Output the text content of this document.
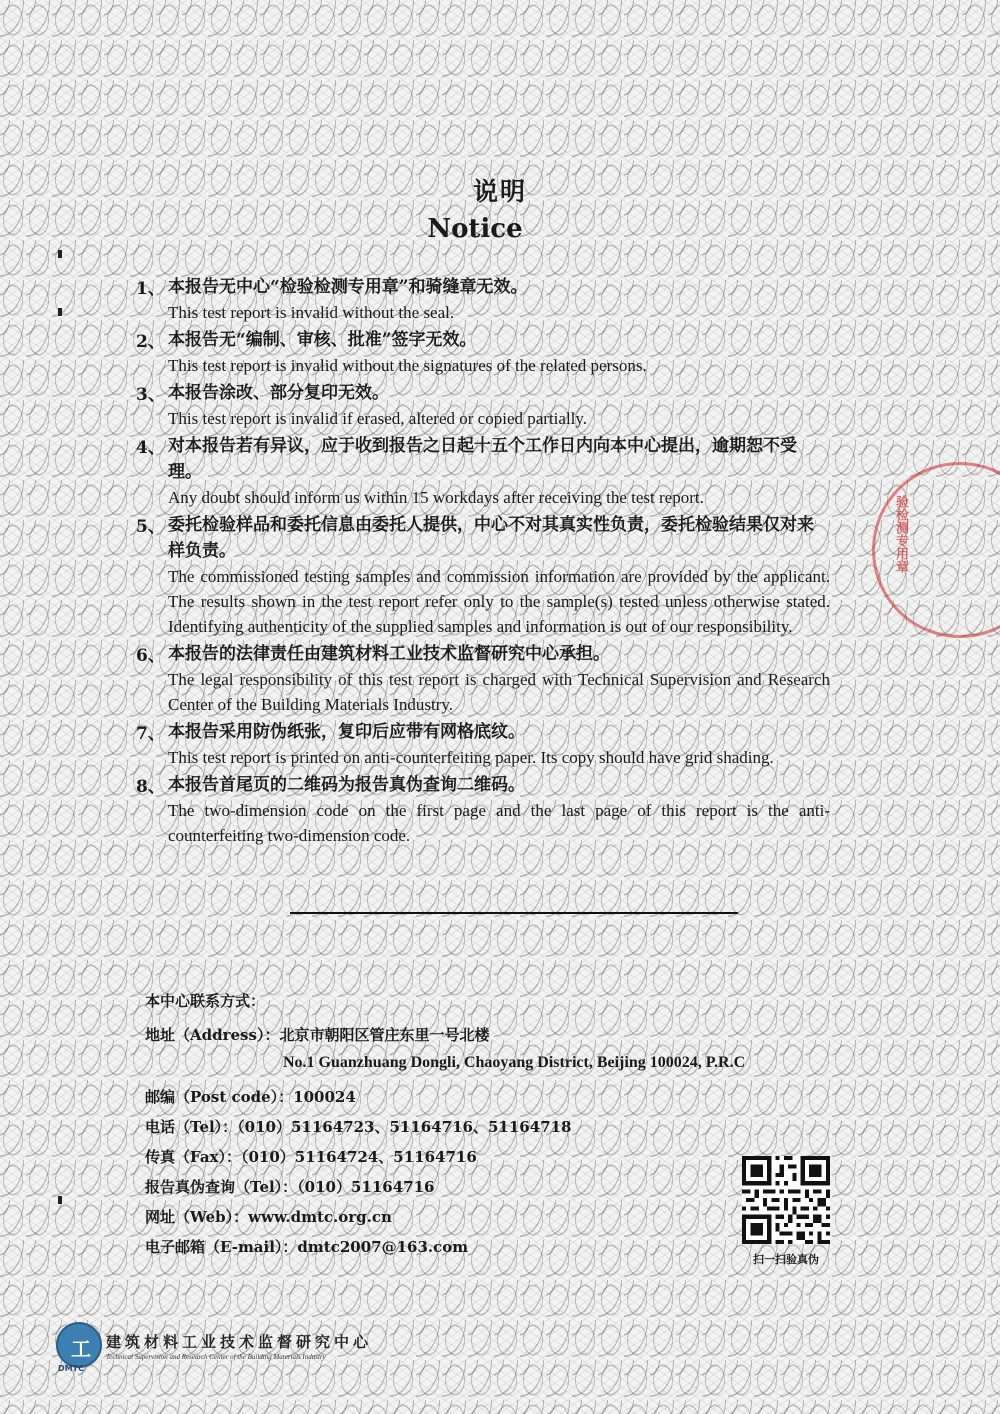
说明
Notice
1、 本报告无中心“检验检测专用章”和骑缝章无效。

This test report is invalid without the seal.

2、 本报告无“编制、审核、批准”签字无效。

This test report is invalid without the signatures of the related persons.

3、 本报告涂改、部分复印无效。

This test report is invalid if erased, altered or copied partially.

4、 对本报告若有异议，应于收到报告之日起十五个工作日内向本中心提出，逾期恕不受理。

Any doubt should inform us within 15 workdays after receiving the test report.

5、 委托检验样品和委托信息由委托人提供，中心不对其真实性负责，委托检验结果仅对来样负责。

The commissioned testing samples and commission information are provided by the applicant. The results shown in the test report refer only to the sample(s) tested unless otherwise stated. Identifying authenticity of the supplied samples and information is out of our responsibility.

6、 本报告的法律责任由建筑材料工业技术监督研究中心承担。

The legal responsibility of this test report is charged with Technical Supervision and Research Center of the Building Materials Industry.

7、 本报告采用防伪纸张，复印后应带有网格底纹。

This test report is printed on anti-counterfeiting paper. Its copy should have grid shading.

8、 本报告首尾页的二维码为报告真伪查询二维码。

The two-dimension code on the first page and the last page of this report is the anti-counterfeiting two-dimension code.

本中心联系方式：
地址（Address）：北京市朝阳区管庄东里一号北楼
No.1 Guanzhuang Dongli, Chaoyang District, Beijing 100024, P.R.C
邮编（Post code）：100024
电话（Tel）：（010）51164723、51164716、51164718
传真（Fax）：（010）51164724、51164716
报告真伪查询（Tel）：（010）51164716
网址（Web）：www.dmtc.org.cn
电子邮箱（E-mail）：dmtc2007@163.com
扫一扫验真伪
验检测专用章
工
DMTC
建筑材料工业技术监督研究中心
Technical Supervision and Research Center of the Building Materials Industry
